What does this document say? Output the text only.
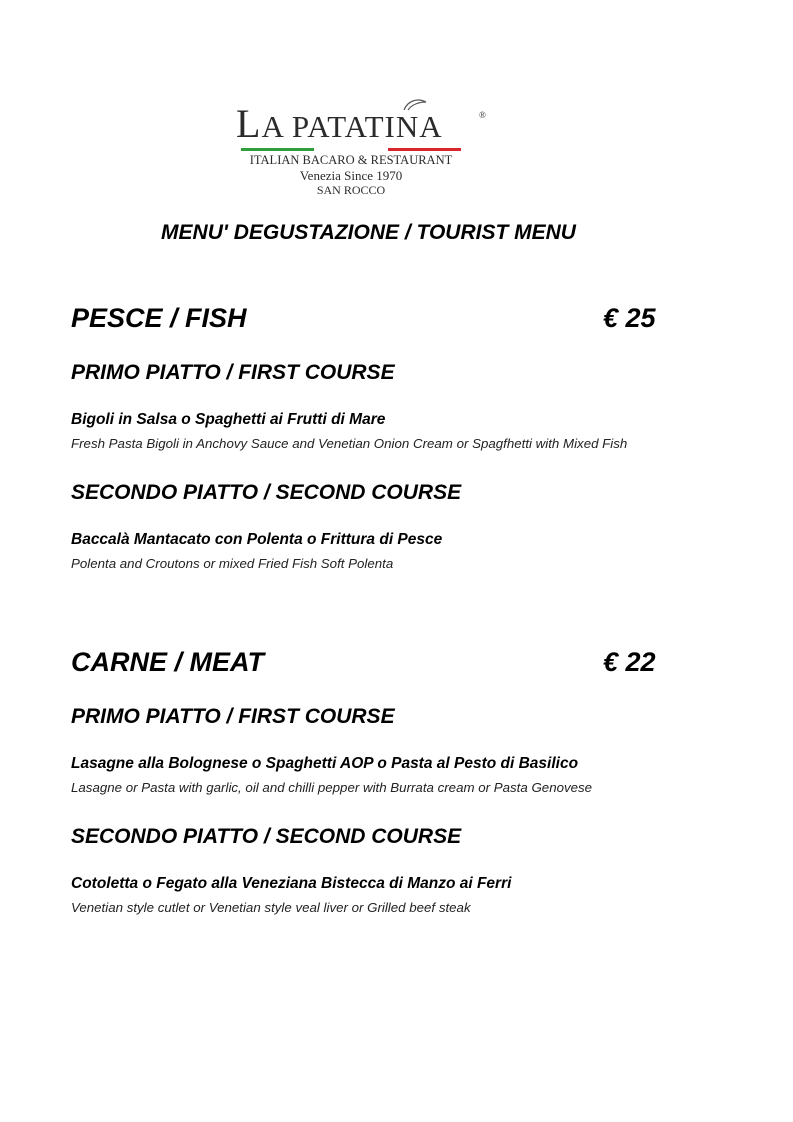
LA PATATINA	®
ITALIAN BACARO & RESTAURANT
Venezia Since 1970
SAN ROCCO
MENU' DEGUSTAZIONE / TOURIST MENU
PESCE / FISH	€ 25
PRIMO PIATTO / FIRST COURSE
Bigoli in Salsa o Spaghetti ai Frutti di Mare
Fresh Pasta Bigoli in Anchovy Sauce and Venetian Onion Cream or Spagfhetti with Mixed Fish
SECONDO PIATTO / SECOND COURSE
Baccalà Mantacato con Polenta o Frittura di Pesce
Polenta and Croutons or mixed Fried Fish Soft Polenta
CARNE / MEAT	€ 22
PRIMO PIATTO / FIRST COURSE
Lasagne alla Bolognese o Spaghetti AOP o Pasta al Pesto di Basilico
Lasagne or Pasta with garlic, oil and chilli pepper with Burrata cream or Pasta Genovese
SECONDO PIATTO / SECOND COURSE
Cotoletta o Fegato alla Veneziana Bistecca di Manzo ai Ferri
Venetian style cutlet or Venetian style veal liver or Grilled beef steak
